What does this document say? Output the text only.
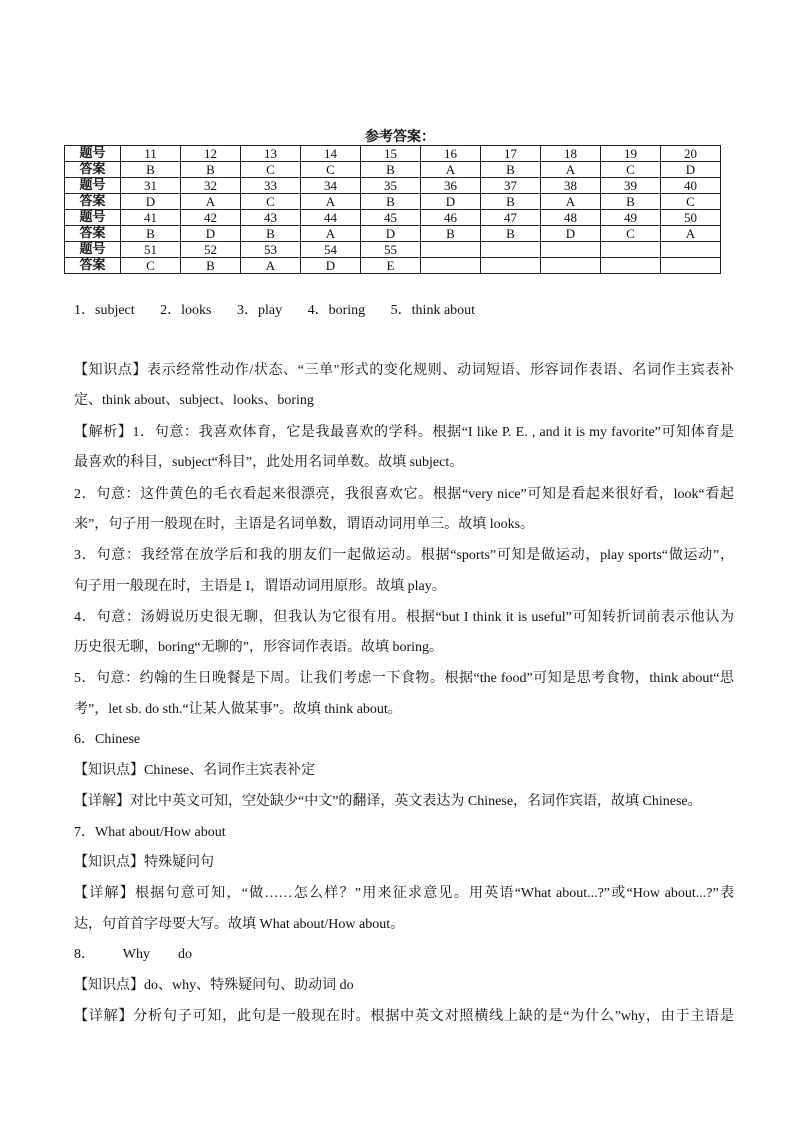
参考答案：
题号	11	12	13	14	15	16	17	18	19	20
答案	B	B	C	C	B	A	B	A	C	D
题号	31	32	33	34	35	36	37	38	39	40
答案	D	A	C	A	B	D	B	A	B	C
题号	41	42	43	44	45	46	47	48	49	50
答案	B	D	B	A	D	B	B	D	C	A
题号	51	52	53	54	55					
答案	C	B	A	D	E					
1．subject 2．looks 3．play 4．boring 5．think about
【知识点】表示经常性动作/状态、“三单"形式的变化规则、动词短语、形容词作表语、名词作主宾表补
定、think about、subject、looks、boring
【解析】1．句意：我喜欢体育，它是我最喜欢的学科。根据“I like P. E. , and it is my favorite”可知体育是
最喜欢的科目，subject“科目”，此处用名词单数。故填 subject。
2．句意：这件黄色的毛衣看起来很漂亮，我很喜欢它。根据“very nice”可知是看起来很好看，look“看起
来”，句子用一般现在时，主语是名词单数，谓语动词用单三。故填 looks。
3．句意：我经常在放学后和我的朋友们一起做运动。根据“sports”可知是做运动，play sports“做运动”，
句子用一般现在时，主语是 I，谓语动词用原形。故填 play。
4．句意：汤姆说历史很无聊，但我认为它很有用。根据“but I think it is useful”可知转折词前表示他认为
历史很无聊，boring“无聊的”，形容词作表语。故填 boring。
5．句意：约翰的生日晚餐是下周。让我们考虑一下食物。根据“the food”可知是思考食物，think about“思
考”，let sb. do sth.“让某人做某事”。故填 think about。
6．Chinese
【知识点】Chinese、名词作主宾表补定
【详解】对比中英文可知，空处缺少“中文”的翻译，英文表达为 Chinese，名词作宾语，故填 Chinese。
7．What about/How about
【知识点】特殊疑问句
【详解】根据句意可知，“做……怎么样？”用来征求意见。用英语“What about...?”或“How about...?”表
达，句首首字母要大写。故填 What about/How about。
8．        Why        do
【知识点】do、why、特殊疑问句、助动词 do
【详解】分析句子可知，此句是一般现在时。根据中英文对照横线上缺的是“为什么”why，由于主语是
